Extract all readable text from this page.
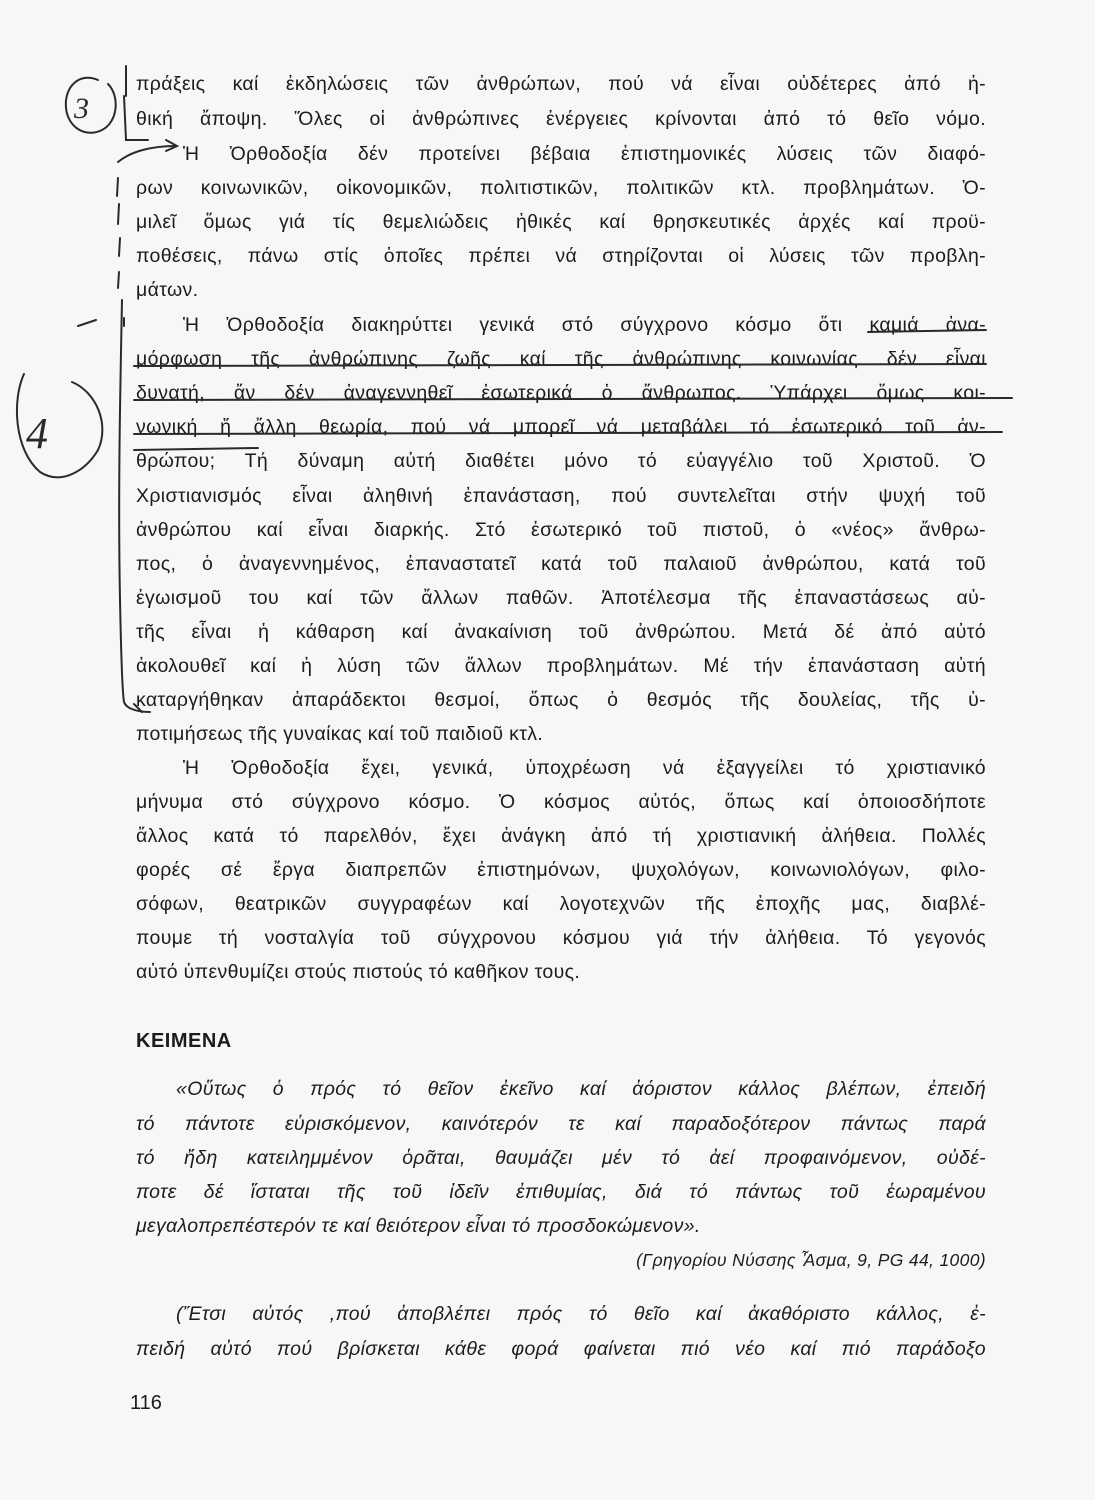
πράξεις καί ἐκδηλώσεις τῶν ἀνθρώπων, πού νά εἶναι οὐδέτερες ἀπό ἠ-
θική ἄποψη. Ὅλες οἱ ἀνθρώπινες ἐνέργειες κρίνονται ἀπό τό θεῖο νόμο.
Ἡ Ὀρθοδοξία δέν προτείνει βέβαια ἐπιστημονικές λύσεις τῶν διαφό-
ρων κοινωνικῶν, οἰκονομικῶν, πολιτιστικῶν, πολιτικῶν κτλ. προβλημάτων. Ὁ-
μιλεῖ ὅμως γιά τίς θεμελιώδεις ἠθικές καί θρησκευτικές ἀρχές καί προϋ-
ποθέσεις, πάνω στίς ὁποῖες πρέπει νά στηρίζονται οἱ λύσεις τῶν προβλη-
μάτων.
Ἡ Ὀρθοδοξία διακηρύττει γενικά στό σύγχρονο κόσμο ὅτι καμιά ἀνα-
μόρφωση τῆς ἀνθρώπινης ζωῆς καί τῆς ἀνθρώπινης κοινωνίας δέν εἶναι
δυνατή, ἄν δέν ἀναγεννηθεῖ ἐσωτερικά ὁ ἄνθρωπος. Ὑπάρχει ὅμως κοι-
νωνική ἤ ἄλλη θεωρία, πού νά μπορεῖ νά μεταβάλει τό ἐσωτερικό τοῦ ἀν-
θρώπου; Τή δύναμη αὐτή διαθέτει μόνο τό εὐαγγέλιο τοῦ Χριστοῦ. Ὁ
Χριστιανισμός εἶναι ἀληθινή ἐπανάσταση, πού συντελεῖται στήν ψυχή τοῦ
ἀνθρώπου καί εἶναι διαρκής. Στό ἐσωτερικό τοῦ πιστοῦ, ὁ «νέος» ἄνθρω-
πος, ὁ ἀναγεννημένος, ἐπαναστατεῖ κατά τοῦ παλαιοῦ ἀνθρώπου, κατά τοῦ
ἐγωισμοῦ του καί τῶν ἄλλων παθῶν. Ἀποτέλεσμα τῆς ἐπαναστάσεως αὐ-
τῆς εἶναι ἡ κάθαρση καί ἀνακαίνιση τοῦ ἀνθρώπου. Μετά δέ ἀπό αὐτό
ἀκολουθεῖ καί ἡ λύση τῶν ἄλλων προβλημάτων. Μέ τήν ἐπανάσταση αὐτή
καταργήθηκαν ἀπαράδεκτοι θεσμοί, ὅπως ὁ θεσμός τῆς δουλείας, τῆς ὑ-
ποτιμήσεως τῆς γυναίκας καί τοῦ παιδιοῦ κτλ.
Ἡ Ὀρθοδοξία ἔχει, γενικά, ὑποχρέωση νά ἐξαγγείλει τό χριστιανικό
μήνυμα στό σύγχρονο κόσμο. Ὁ κόσμος αὐτός, ὅπως καί ὁποιοσδήποτε
ἄλλος κατά τό παρελθόν, ἔχει ἀνάγκη ἀπό τή χριστιανική ἀλήθεια. Πολλές
φορές σέ ἔργα διαπρεπῶν ἐπιστημόνων, ψυχολόγων, κοινωνιολόγων, φιλο-
σόφων, θεατρικῶν συγγραφέων καί λογοτεχνῶν τῆς ἐποχῆς μας, διαβλέ-
πουμε τή νοσταλγία τοῦ σύγχρονου κόσμου γιά τήν ἀλήθεια. Τό γεγονός
αὐτό ὑπενθυμίζει στούς πιστούς τό καθῆκον τους.
ΚΕΙΜΕΝΑ
«Οὕτως ὁ πρός τό θεῖον ἐκεῖνο καί ἀόριστον κάλλος βλέπων, ἐπειδή
τό πάντοτε εὑρισκόμενον, καινότερόν τε καί παραδοξότερον πάντως παρά
τό ἤδη κατειλημμένον ὁρᾶται, θαυμάζει μέν τό ἀεί προφαινόμενον, οὐδέ-
ποτε δέ ἵσταται τῆς τοῦ ἰδεῖν ἐπιθυμίας, διά τό πάντως τοῦ ἑωραμένου
μεγαλοπρεπέστερόν τε καί θειότερον εἶναι τό προσδοκώμενον».
(Γρηγορίου Νύσσης Ἆσμα, 9, PG 44, 1000)
(Ἔτσι αὐτός ,πού ἀποβλέπει πρός τό θεῖο καί ἀκαθόριστο κάλλος, ἐ-
πειδή αὐτό πού βρίσκεται κάθε φορά φαίνεται πιό νέο καί πιό παράδοξο
116
3
4
